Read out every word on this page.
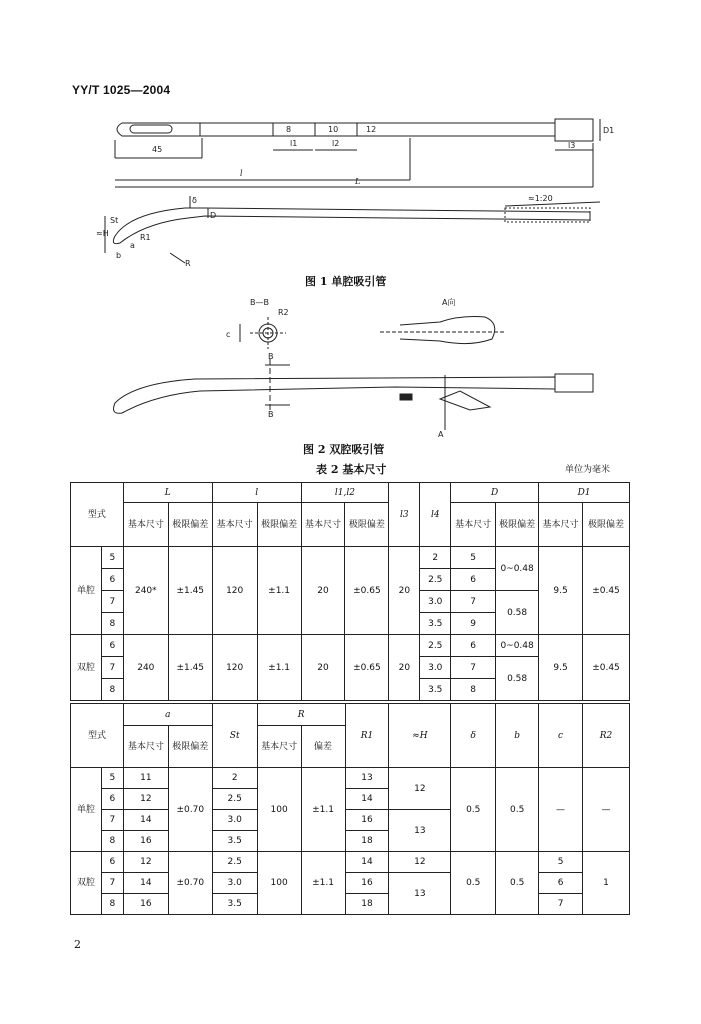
YY/T 1025—2004
45
l
L
l1	l2	l3
D1
8	10	12
D
δ
≈H
St
R
b
a
R1
≈1:20
图 1 单腔吸引管
B—B
R2
c
A向
B
B
A
图 2 双腔吸引管
表 2 基本尺寸	单位为毫米
型式		L		l		l1,l2		l3	l4	D		D1	
		基本尺寸	极限偏差	基本尺寸	极限偏差	基本尺寸	极限偏差			基本尺寸	极限偏差	基本尺寸	极限偏差
单腔	5	240*	±1.45	120	±1.1	20	±0.65	20	2	5	0~0.48	9.5	±0.45
	6								2.5	6			
	7								3.0	7	0.58		
	8								3.5	9			
双腔	6	240	±1.45	120	±1.1	20	±0.65	20	2.5	6	0~0.48	9.5	±0.45
	7								3.0	7	0.58		
	8								3.5	8			
型式		a		St	R		R1	≈H	δ	b	c	R2
		基本尺寸	极限偏差		基本尺寸	偏差						
单腔	5	11	±0.70	2	100	±1.1	13	12	0.5	0.5	—	—
	6	12		2.5			14					
	7	14		3.0			16	13				
	8	16		3.5			18					
双腔	6	12	±0.70	2.5	100	±1.1	14	12	0.5	0.5	5	1
	7	14		3.0			16	13			6	
	8	16		3.5			18				7	
2
